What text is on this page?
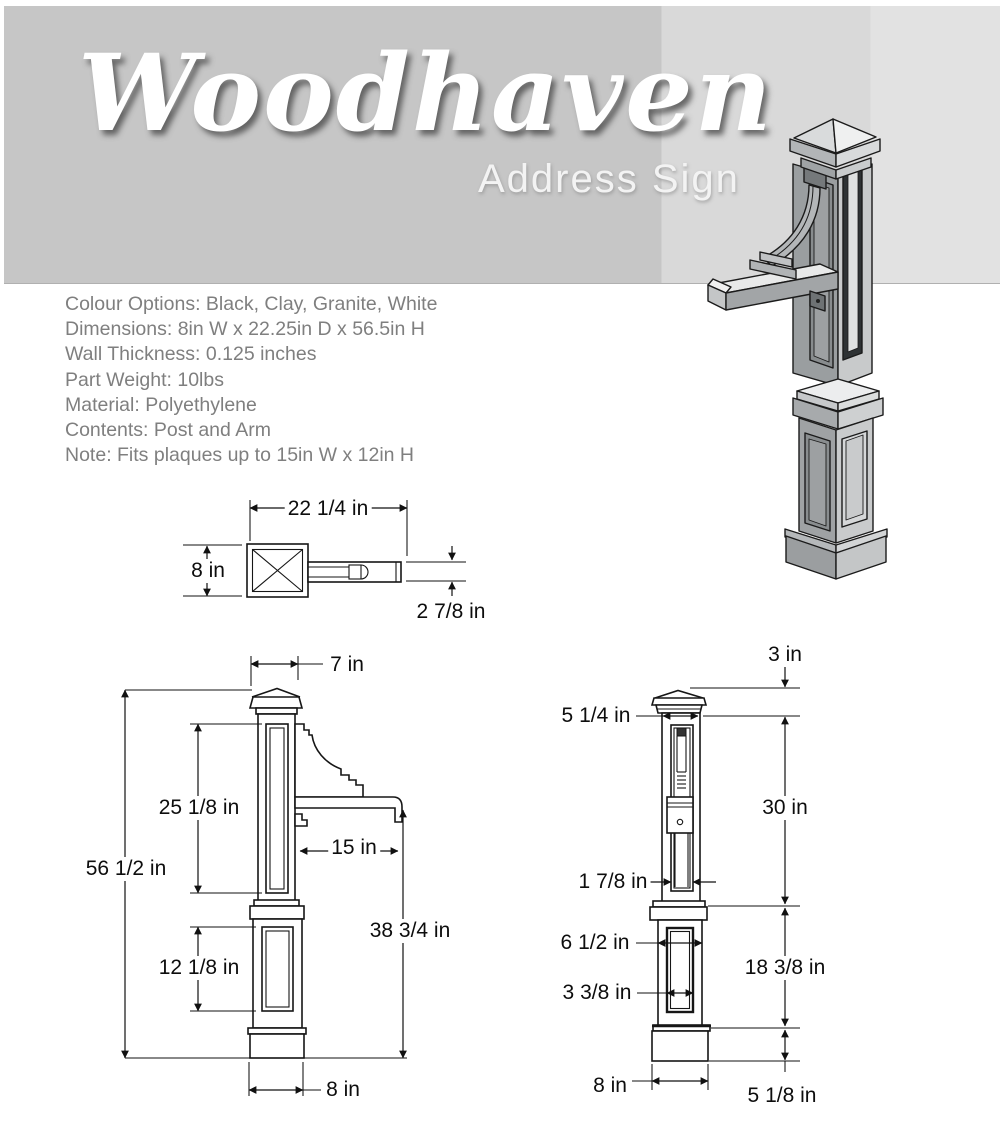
Woodhaven
Address Sign
Colour Options: Black, Clay, Granite, White
Dimensions: 8in W x 22.25in D x 56.5in H
Wall Thickness: 0.125 inches
Part Weight: 10lbs
Material: Polyethylene
Contents: Post and Arm
Note: Fits plaques up to 15in W x 12in H
22 1/4 in
8 in
2 7/8 in
7 in
56 1/2 in
25 1/8 in
15 in
38 3/4 in
12 1/8 in
8 in
3 in
5 1/4 in
30 in
1 7/8 in
6 1/2 in
18 3/8 in
3 3/8 in
8 in	5 1/8 in
